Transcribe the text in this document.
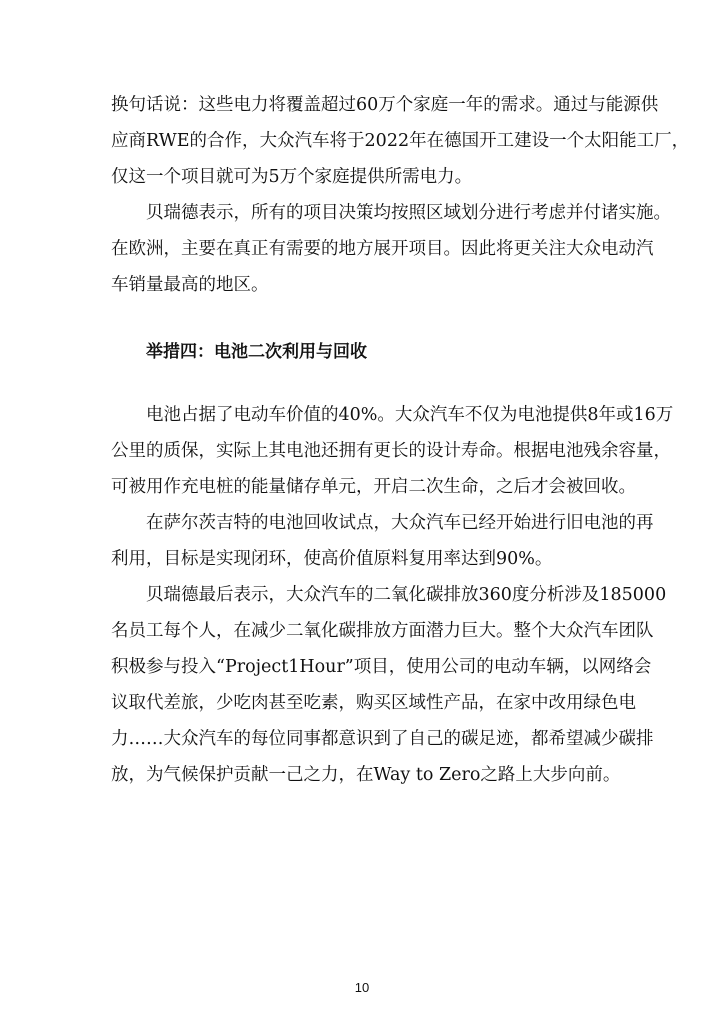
换句话说：这些电力将覆盖超过60万个家庭一年的需求。通过与能源供
应商RWE的合作，大众汽车将于2022年在德国开工建设一个太阳能工厂，
仅这一个项目就可为5万个家庭提供所需电力。
贝瑞德表示，所有的项目决策均按照区域划分进行考虑并付诸实施。
在欧洲，主要在真正有需要的地方展开项目。因此将更关注大众电动汽
车销量最高的地区。
举措四：电池二次利用与回收
电池占据了电动车价值的40%。大众汽车不仅为电池提供8年或16万
公里的质保，实际上其电池还拥有更长的设计寿命。根据电池残余容量，
可被用作充电桩的能量储存单元，开启二次生命，之后才会被回收。
在萨尔茨吉特的电池回收试点，大众汽车已经开始进行旧电池的再
利用，目标是实现闭环，使高价值原料复用率达到90%。
贝瑞德最后表示，大众汽车的二氧化碳排放360度分析涉及185000
名员工每个人，在减少二氧化碳排放方面潜力巨大。整个大众汽车团队
积极参与投入“Project1Hour”项目，使用公司的电动车辆，以网络会
议取代差旅，少吃肉甚至吃素，购买区域性产品，在家中改用绿色电
力……大众汽车的每位同事都意识到了自己的碳足迹，都希望减少碳排
放，为气候保护贡献一己之力，在Way to Zero之路上大步向前。
10
